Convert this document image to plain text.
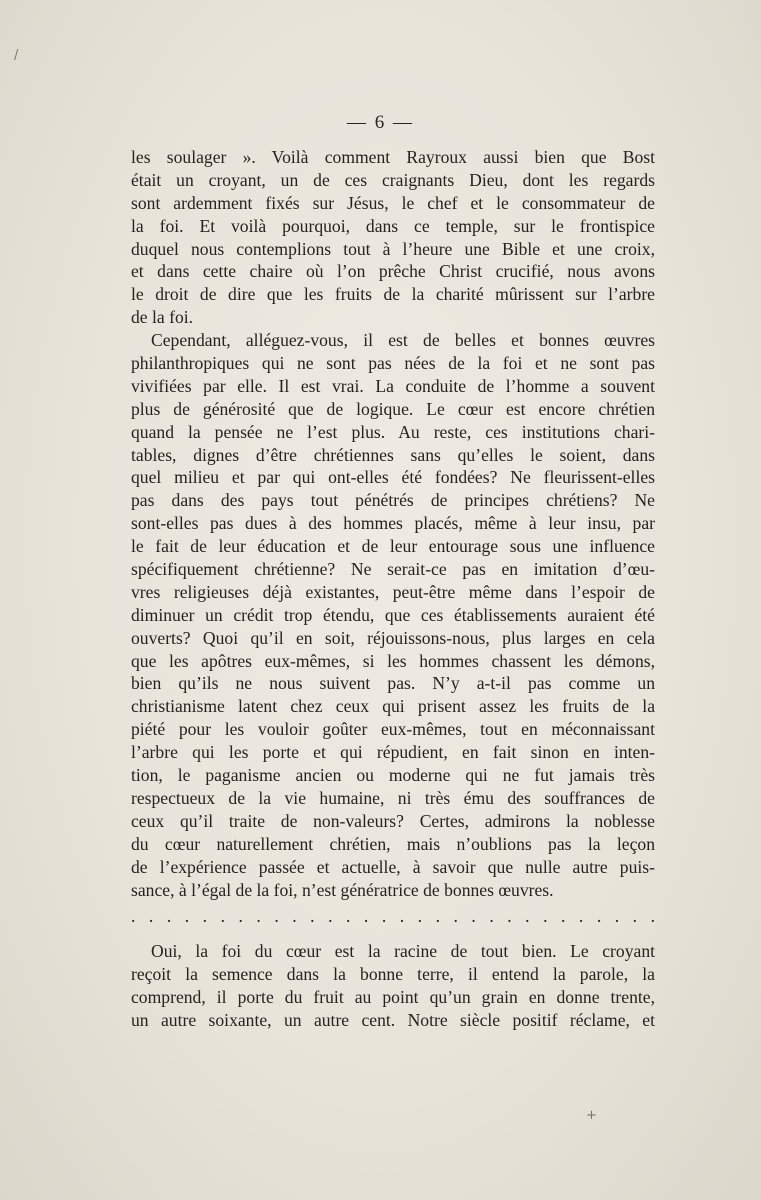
— 6 —
/
+
les soulager ». Voilà comment Rayroux aussi bien que Bost
était un croyant, un de ces craignants Dieu, dont les regards
sont ardemment fixés sur Jésus, le chef et le consommateur de
la foi. Et voilà pourquoi, dans ce temple, sur le frontispice
duquel nous contemplions tout à l’heure une Bible et une croix,
et dans cette chaire où l’on prêche Christ crucifié, nous avons
le droit de dire que les fruits de la charité mûrissent sur l’arbre
de la foi.
Cependant, alléguez-vous, il est de belles et bonnes œuvres
philanthropiques qui ne sont pas nées de la foi et ne sont pas
vivifiées par elle. Il est vrai. La conduite de l’homme a souvent
plus de générosité que de logique. Le cœur est encore chrétien
quand la pensée ne l’est plus. Au reste, ces institutions chari-
tables, dignes d’être chrétiennes sans qu’elles le soient, dans
quel milieu et par qui ont-elles été fondées? Ne fleurissent-elles
pas dans des pays tout pénétrés de principes chrétiens? Ne
sont-elles pas dues à des hommes placés, même à leur insu, par
le fait de leur éducation et de leur entourage sous une influence
spécifiquement chrétienne? Ne serait-ce pas en imitation d’œu-
vres religieuses déjà existantes, peut-être même dans l’espoir de
diminuer un crédit trop étendu, que ces établissements auraient été
ouverts? Quoi qu’il en soit, réjouissons-nous, plus larges en cela
que les apôtres eux-mêmes, si les hommes chassent les démons,
bien qu’ils ne nous suivent pas. N’y a-t-il pas comme un
christianisme latent chez ceux qui prisent assez les fruits de la
piété pour les vouloir goûter eux-mêmes, tout en méconnaissant
l’arbre qui les porte et qui répudient, en fait sinon en inten-
tion, le paganisme ancien ou moderne qui ne fut jamais très
respectueux de la vie humaine, ni très ému des souffrances de
ceux qu’il traite de non-valeurs? Certes, admirons la noblesse
du cœur naturellement chrétien, mais n’oublions pas la leçon
de l’expérience passée et actuelle, à savoir que nulle autre puis-
sance, à l’égal de la foi, n’est génératrice de bonnes œuvres.
. . . . . . . . . . . . . . . . . . . . . . . . . . . . . .
Oui, la foi du cœur est la racine de tout bien. Le croyant
reçoit la semence dans la bonne terre, il entend la parole, la
comprend, il porte du fruit au point qu’un grain en donne trente,
un autre soixante, un autre cent. Notre siècle positif réclame, et
